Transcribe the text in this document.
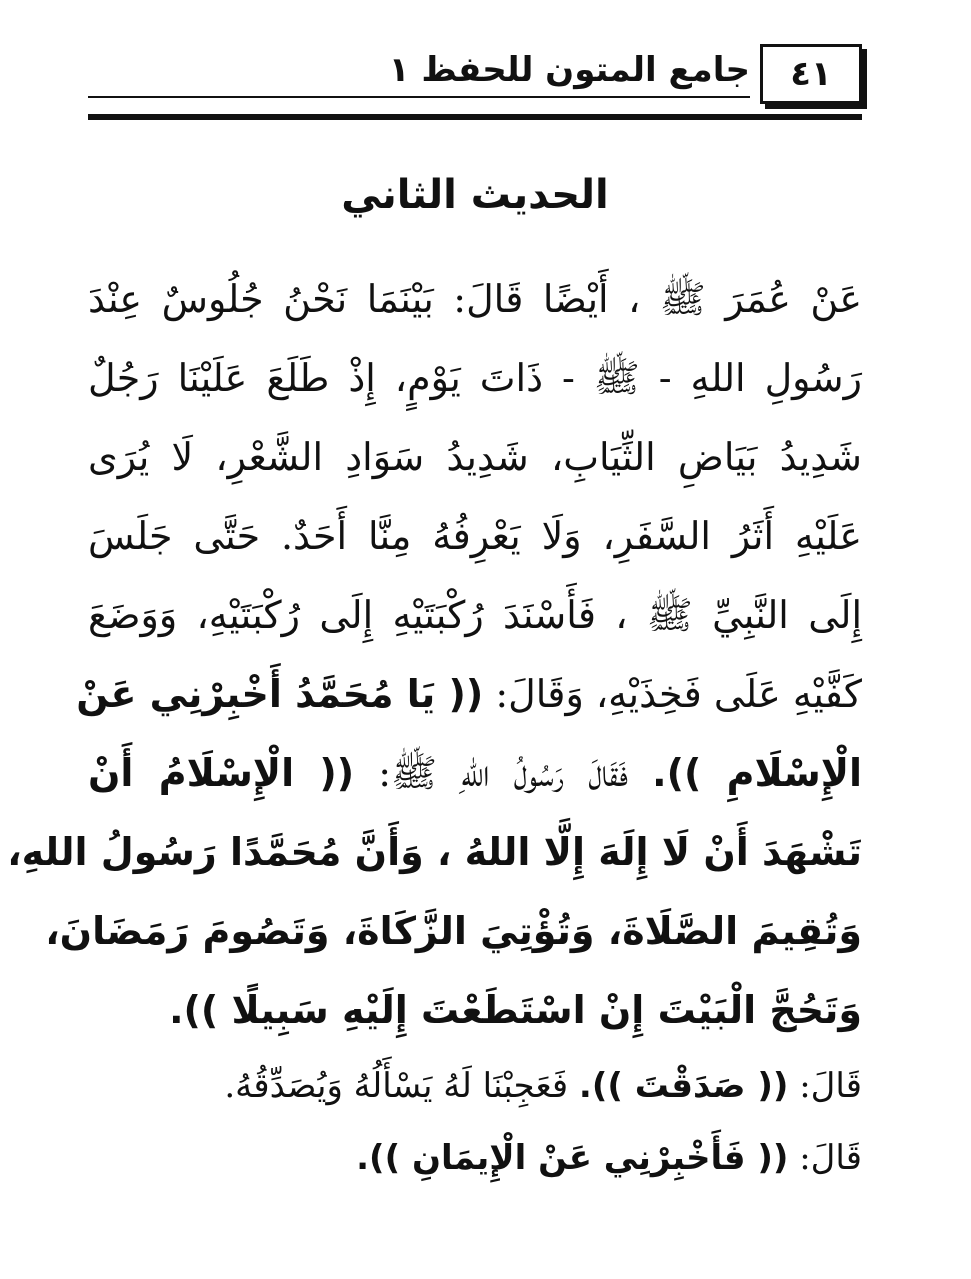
٤١
جامع المتون للحفظ ١
الحديث الثاني
عَنْ عُمَرَ ﷺ ، أَيْضًا قَالَ: بَيْنَمَا نَحْنُ جُلُوسٌ عِنْدَ
رَسُولِ اللهِ - ﷺ - ذَاتَ يَوْمٍ، إِذْ طَلَعَ عَلَيْنَا رَجُلٌ
شَدِيدُ بَيَاضِ الثِّيَابِ، شَدِيدُ سَوَادِ الشَّعْرِ، لَا يُرَى
عَلَيْهِ أَثَرُ السَّفَرِ، وَلَا يَعْرِفُهُ مِنَّا أَحَدٌ. حَتَّى جَلَسَ
إِلَى النَّبِيِّ ﷺ ، فَأَسْنَدَ رُكْبَتَيْهِ إِلَى رُكْبَتَيْهِ، وَوَضَعَ
كَفَّيْهِ عَلَى فَخِذَيْهِ، وَقَالَ: (( يَا مُحَمَّدُ أَخْبِرْنِي عَنْ
الْإِسْلَامِ )). فَقَالَ رَسُولُ اللهِ ﷺ: (( الْإِسْلَامُ أَنْ
تَشْهَدَ أَنْ لَا إِلَهَ إِلَّا اللهُ ، وَأَنَّ مُحَمَّدًا رَسُولُ اللهِ،
وَتُقِيمَ الصَّلَاةَ، وَتُؤْتِيَ الزَّكَاةَ، وَتَصُومَ رَمَضَانَ،
وَتَحُجَّ الْبَيْتَ إِنْ اسْتَطَعْتَ إِلَيْهِ سَبِيلًا )).
قَالَ: (( صَدَقْتَ )). فَعَجِبْنَا لَهُ يَسْأَلُهُ وَيُصَدِّقُهُ.
قَالَ: (( فَأَخْبِرْنِي عَنْ الْإِيمَانِ )).
